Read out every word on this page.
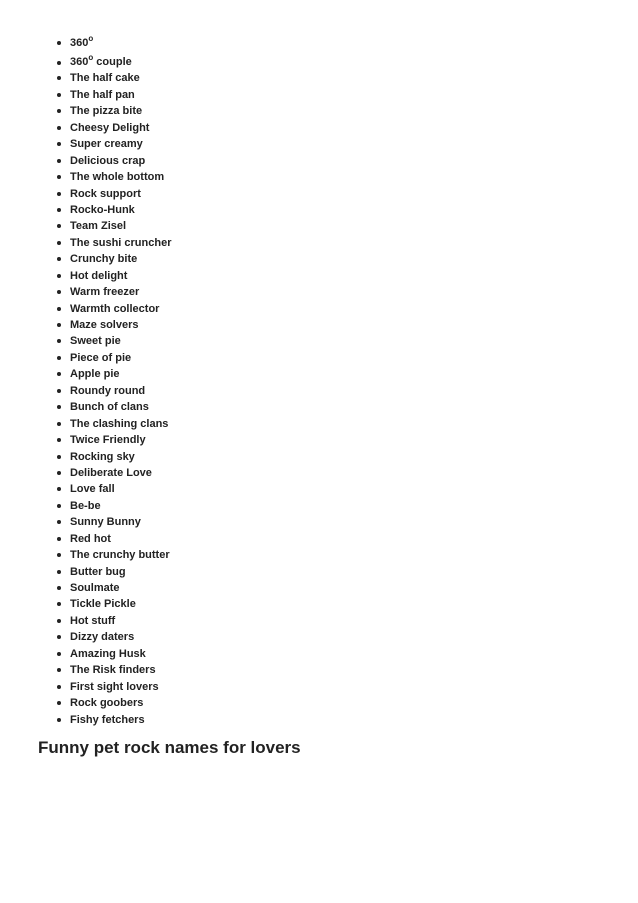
360$^o$
360$^o$ couple
The half cake
The half pan
The pizza bite
Cheesy Delight
Super creamy
Delicious crap
The whole bottom
Rock support
Rocko-Hunk
Team Zisel
The sushi cruncher
Crunchy bite
Hot delight
Warm freezer
Warmth collector
Maze solvers
Sweet pie
Piece of pie
Apple pie
Roundy round
Bunch of clans
The clashing clans
Twice Friendly
Rocking sky
Deliberate Love
Love fall
Be-be
Sunny Bunny
Red hot
The crunchy butter
Butter bug
Soulmate
Tickle Pickle
Hot stuff
Dizzy daters
Amazing Husk
The Risk finders
First sight lovers
Rock goobers
Fishy fetchers
Funny pet rock names for lovers
